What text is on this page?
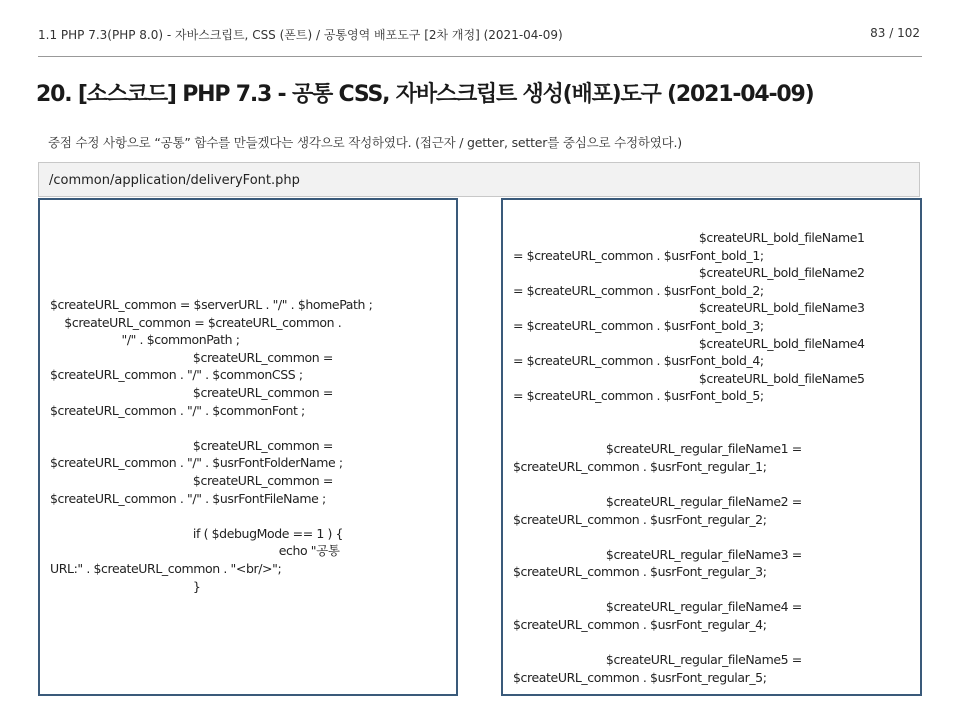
1.1 PHP 7.3(PHP 8.0) - 자바스크립트, CSS (폰트) / 공통영역 배포도구 [2차 개정] (2021-04-09)	83 / 102
20. [소스코드] PHP 7.3 - 공통 CSS, 자바스크립트 생성(배포)도구 (2021-04-09)
중점 수정 사항으로 “공통” 함수를 만들겠다는 생각으로 작성하였다. (접근자 / getter, setter를 중심으로 수정하였다.)
/common/application/deliveryFont.php
$createURL_common = $serverURL . "/" . $homePath ;
$createURL_common = $createURL_common .
"/" . $commonPath ;
$createURL_common =
$createURL_common . "/" . $commonCSS ;
$createURL_common =
$createURL_common . "/" . $commonFont ;
$createURL_common =
$createURL_common . "/" . $usrFontFolderName ;
$createURL_common =
$createURL_common . "/" . $usrFontFileName ;
if ( $debugMode == 1 ) {
echo "공통
URL:" . $createURL_common . "<br/>";
}
$createURL_bold_fileName1
= $createURL_common . $usrFont_bold_1;
$createURL_bold_fileName2
= $createURL_common . $usrFont_bold_2;
$createURL_bold_fileName3
= $createURL_common . $usrFont_bold_3;
$createURL_bold_fileName4
= $createURL_common . $usrFont_bold_4;
$createURL_bold_fileName5
= $createURL_common . $usrFont_bold_5;
$createURL_regular_fileName1 =
$createURL_common . $usrFont_regular_1;
$createURL_regular_fileName2 =
$createURL_common . $usrFont_regular_2;
$createURL_regular_fileName3 =
$createURL_common . $usrFont_regular_3;
$createURL_regular_fileName4 =
$createURL_common . $usrFont_regular_4;
$createURL_regular_fileName5 =
$createURL_common . $usrFont_regular_5;
